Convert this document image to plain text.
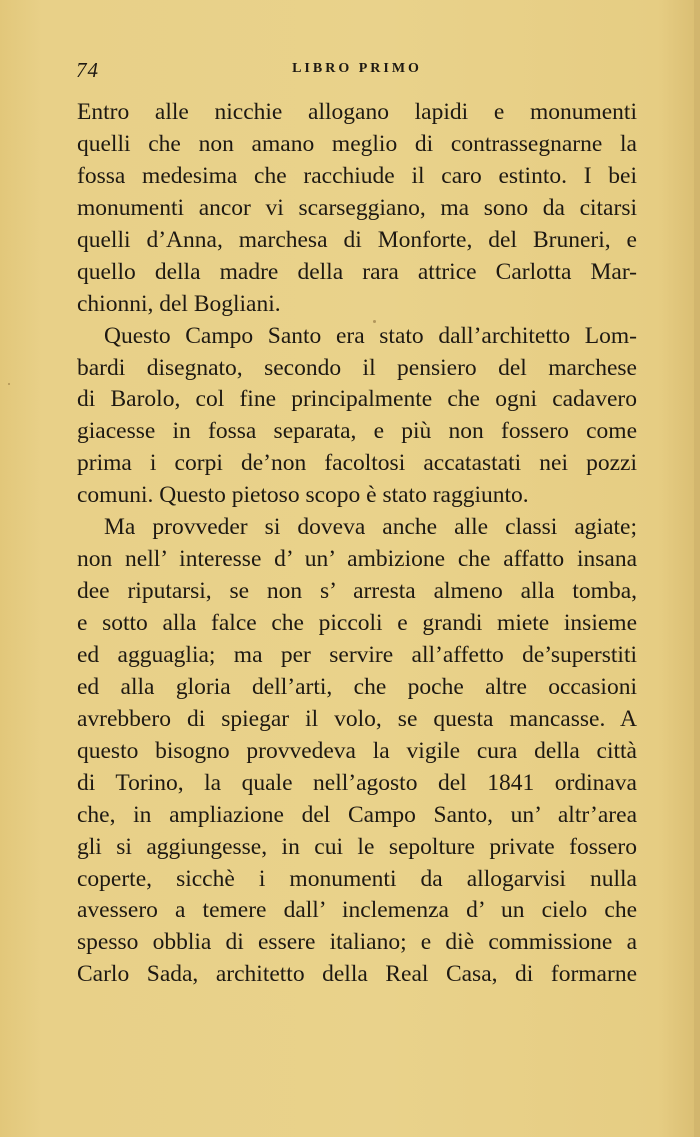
74	LIBRO PRIMO
Entro alle nicchie allogano lapidi e monumenti
quelli che non amano meglio di contrassegnarne la
fossa medesima che racchiude il caro estinto. I bei
monumenti ancor vi scarseggiano, ma sono da citarsi
quelli d’Anna, marchesa di Monforte, del Bruneri, e
quello della madre della rara attrice Carlotta Mar-
chionni, del Bogliani.
Questo Campo Santo era stato dall’architetto Lom-
bardi disegnato, secondo il pensiero del marchese
di Barolo, col fine principalmente che ogni cadavero
giacesse in fossa separata, e più non fossero come
prima i corpi de’non facoltosi accatastati nei pozzi
comuni. Questo pietoso scopo è stato raggiunto.
Ma provveder si doveva anche alle classi agiate;
non nell’ interesse d’ un’ ambizione che affatto insana
dee riputarsi, se non s’ arresta almeno alla tomba,
e sotto alla falce che piccoli e grandi miete insieme
ed agguaglia; ma per servire all’affetto de’superstiti
ed alla gloria dell’arti, che poche altre occasioni
avrebbero di spiegar il volo, se questa mancasse. A
questo bisogno provvedeva la vigile cura della città
di Torino, la quale nell’agosto del 1841 ordinava
che, in ampliazione del Campo Santo, un’ altr’area
gli si aggiungesse, in cui le sepolture private fossero
coperte, sicchè i monumenti da allogarvisi nulla
avessero a temere dall’ inclemenza d’ un cielo che
spesso obblia di essere italiano; e diè commissione a
Carlo Sada, architetto della Real Casa, di formarne
